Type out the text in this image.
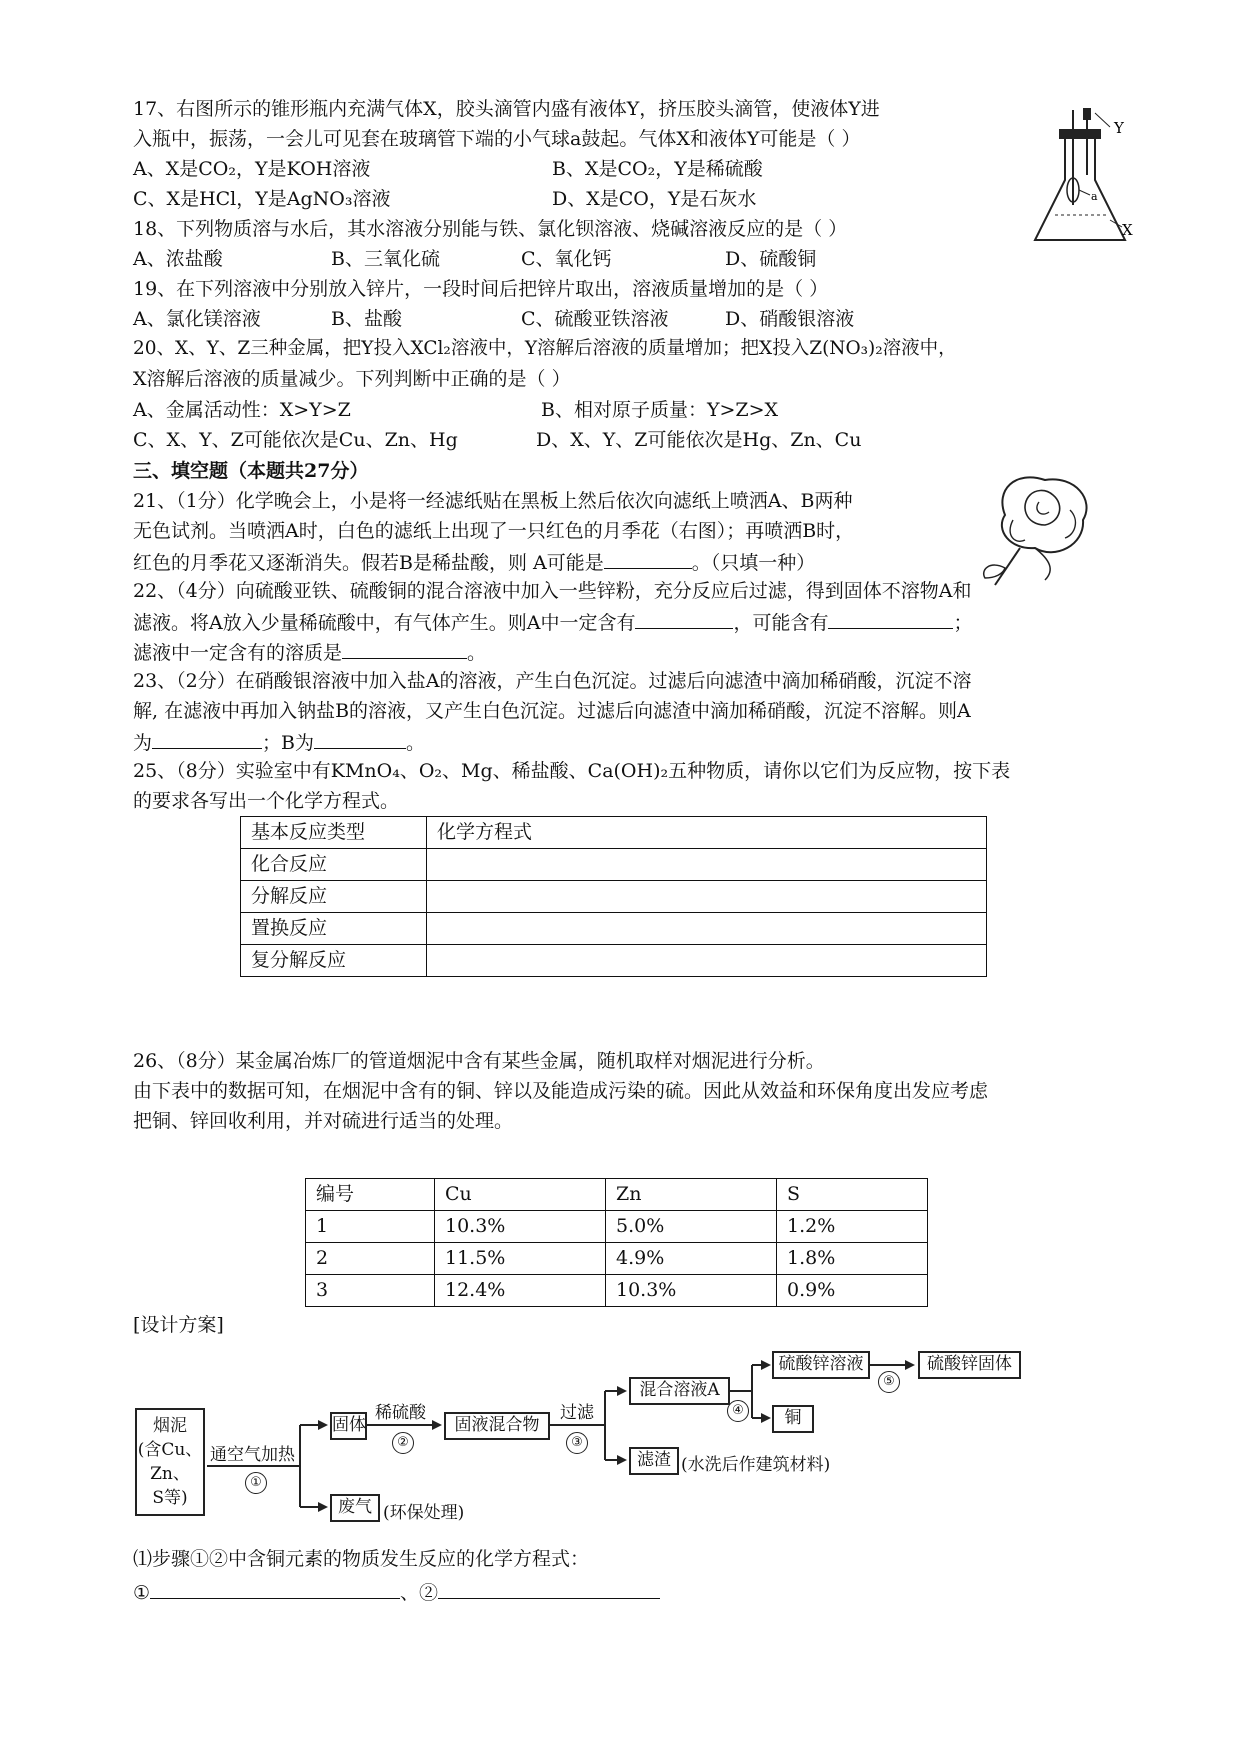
17、右图所示的锥形瓶内充满气体X，胶头滴管内盛有液体Y，挤压胶头滴管，使液体Y进
入瓶中，振荡，一会儿可见套在玻璃管下端的小气球a鼓起。气体X和液体Y可能是（ ）
A、X是CO₂，Y是KOH溶液	B、X是CO₂，Y是稀硫酸
C、X是HCl，Y是AgNO₃溶液	D、X是CO，Y是石灰水
Y
a
X
18、下列物质溶与水后，其水溶液分别能与铁、氯化钡溶液、烧碱溶液反应的是（ ）
A、浓盐酸	B、三氧化硫	C、氧化钙	D、硫酸铜
19、在下列溶液中分别放入锌片，一段时间后把锌片取出，溶液质量增加的是（ ）
A、氯化镁溶液	B、盐酸	C、硫酸亚铁溶液	D、硝酸银溶液
20、X、Y、Z三种金属，把Y投入XCl₂溶液中，Y溶解后溶液的质量增加；把X投入Z(NO₃)₂溶液中，
X溶解后溶液的质量减少。下列判断中正确的是（ ）
A、金属活动性：X>Y>Z	B、相对原子质量：Y>Z>X
C、X、Y、Z可能依次是Cu、Zn、Hg	D、X、Y、Z可能依次是Hg、Zn、Cu
三、填空题（本题共27分）
21、（1分）化学晚会上，小是将一经滤纸贴在黑板上然后依次向滤纸上喷洒A、B两种
无色试剂。当喷洒A时，白色的滤纸上出现了一只红色的月季花（右图）；再喷洒B时，
红色的月季花又逐渐消失。假若B是稀盐酸，则 A可能是	。（只填一种）
22、（4分）向硫酸亚铁、硫酸铜的混合溶液中加入一些锌粉，充分反应后过滤，得到固体不溶物A和
滤液。将A放入少量稀硫酸中，有气体产生。则A中一定含有	，可能含有	；
滤液中一定含有的溶质是	。
23、（2分）在硝酸银溶液中加入盐A的溶液，产生白色沉淀。过滤后向滤渣中滴加稀硝酸，沉淀不溶
解, 在滤液中再加入钠盐B的溶液，又产生白色沉淀。过滤后向滤渣中滴加稀硝酸，沉淀不溶解。则A
为	；B为	。
25、（8分）实验室中有KMnO₄、O₂、Mg、稀盐酸、Ca(OH)₂五种物质，请你以它们为反应物，按下表
的要求各写出一个化学方程式。
基本反应类型	化学方程式
化合反应	
分解反应	
置换反应	
复分解反应	
26、（8分）某金属冶炼厂的管道烟泥中含有某些金属，随机取样对烟泥进行分析。
由下表中的数据可知，在烟泥中含有的铜、锌以及能造成污染的硫。因此从效益和环保角度出发应考虑
把铜、锌回收利用，并对硫进行适当的处理。
编号	Cu	Zn	S
1	10.3%	5.0%	1.2%
2	11.5%	4.9%	1.8%
3	12.4%	10.3%	0.9%
[设计方案]
烟泥
(含Cu、
Zn、
S等)
通空气加热
①
固体
稀硫酸
②
固液混合物
过滤
③
混合溶液A
④
硫酸锌溶液
⑤
硫酸锌固体
铜
滤渣 (水洗后作建筑材料)
废气 (环保处理)
⑴步骤①②中含铜元素的物质发生反应的化学方程式：
①	、②
